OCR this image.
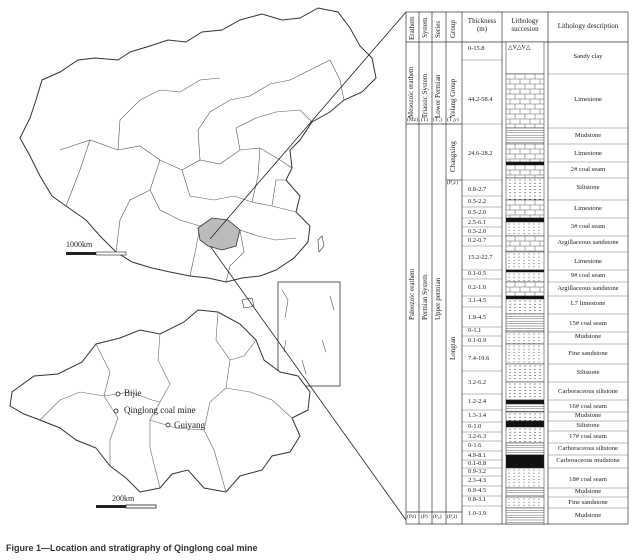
△V△V△
1000km
200km
Bijie
Qinglong coal mine
Guiyang
Erathem System Series Group	Thickness (m)
Lithology succesion	Lithology description
Mesozoic erathem
(Mz)
Triassic System
(T)
Lower Permian
(T₁)
Yelang Group
(T₁y)
Paleozoic erathem
(Pz)
Permian System
(P)
Upper permian
(P₂)
Changxing
(P₂c)
Longtan
(P₂l)
0-15.8
44.2-58.4
24.6-28.2
0.8-2.7
0.5-2.2
0.5-2.0
2.5-6.1
0.3-2.0
0.2-0.7
15.2-22.7
0.1-0.5
0.2-1.0
3.1-4.5
1.9-4.5
0-1.1
0.1-0.9
7.4-19.6
3.2-6.2
1.2-2.4
1.3-3.4
0-1.0
3.2-6.3
0-1.6
4.9-8.1
0.1-0.8
0.9-3.2
2.3-4.3
0.9-4.5
0.8-3.1
1.0-3.9
Sandy clay
Limestone
Mudstone
Limestone
2# coal seam
Siltstone
Limestone
3# coal seam
Argillaceous sandstone
Limestone
9# coal seam
Argillaceous sandstone
L7 limestone
15# coal seam
Mudstone
Fine sandstone
Siltstone
Carboraceous siltstone
16# coal seam
Mudstone
Siltstone
17# coal seam
Carboraceous siltstone
Carboraceous mudstone
18# coal seam
Mudstone
Fine sandstone
Mudstone
Figure 1—Location and stratigraphy of Qinglong coal mine
